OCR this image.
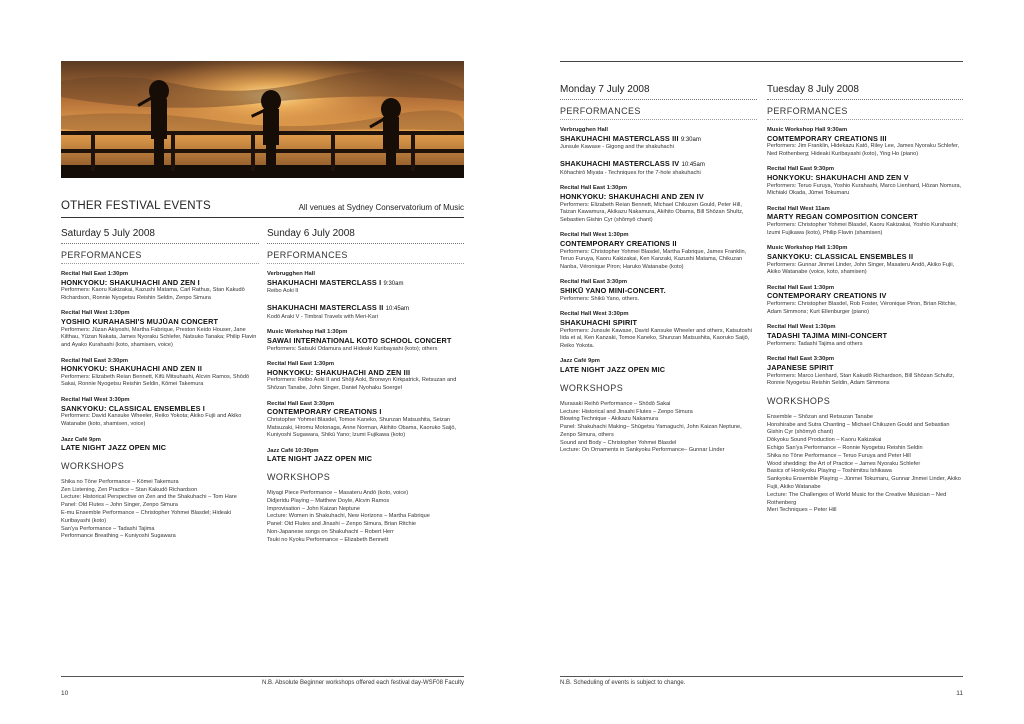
OTHER FESTIVAL EVENTS	All venues at Sydney Conservatorium of Music
Saturday 5 July 2008
PERFORMANCES
Recital Hall East 1:30pm
HONKYOKU: SHAKUHACHI AND ZEN I
Performers: Kaoru Kakizakai, Kazushi Matama, Carl Rathus, Stan Kakudō Richardson, Ronnie Nyogetsu Reishin Seldin, Zenpo Simura
Recital Hall West 1:30pm
YOSHIO KURAHASHI'S MUJŪAN CONCERT
Performers: Jūzan Akiyoshi, Martha Fabrique, Preston Keido Houser, Jane Kilthau, Yūzan Nakata, James Nyoraku Schlefer, Natsuko Tanaka; Philip Flavin and Ayako Kurahashi (koto, shamisen, voice)
Recital Hall East 3:30pm
HONKYOKU: SHAKUHACHI AND ZEN II
Performers: Elizabeth Reian Bennett, Kifū Mitsuhashi, Alcvin Ramos, Shōdō Sakai, Ronnie Nyogetsu Reishin Seldin, Kōmei Takemura
Recital Hall West 3:30pm
SANKYOKU: CLASSICAL ENSEMBLES I
Performers: David Kansuke Wheeler, Reiko Yokota; Akiko Fujii and Akiko Watanabe (koto, shamisen, voice)
Jazz Café 9pm
LATE NIGHT JAZZ OPEN MIC
WORKSHOPS
Shika no Tōne Performance – Kōmei Takemura
Zen Listening, Zen Practice – Stan Kakudō Richardson
Lecture: Historical Perspective on Zen and the Shakuhachi – Tom Hare
Panel: Old Flutes – John Singer, Zenpo Simura
E-mu Ensemble Performance – Christopher Yohmei Blasdel; Hideaki Kuribayashi (koto)
San'ya Performance – Tadashi Tajima
Performance Breathing – Kuniyoshi Sugawara
Sunday 6 July 2008
PERFORMANCES
Verbrugghen Hall
SHAKUHACHI MASTERCLASS I 9:30am
Reibo Aoki II
SHAKUHACHI MASTERCLASS II 10:45am
Kodō Araki V - Timbral Travels with Meri-Kari
Music Workshop Hall 1:30pm
SAWAI INTERNATIONAL KOTO SCHOOL CONCERT
Performers: Satsuki Odamura and Hideaki Kuribayashi (koto); others
Recital Hall East 1:30pm
HONKYOKU: SHAKUHACHI AND ZEN III
Performers: Reibo Aoki II and Shōji Aoki, Bronwyn Kirkpatrick, Retsuzan and Shōzan Tanabe, John Singer, Daniel Nyohaku Soergel
Recital Hall East 3:30pm
CONTEMPORARY CREATIONS I
Christopher Yohmei Blasdel, Tomoe Kaneko, Shunzan Matsushita, Seizan Matsuzaki, Hiromu Motonaga, Anne Norman, Akihito Obama, Kaoruko Saijō, Kuniyoshi Sugawara, Shikū Yano; Izumi Fujikawa (koto)
Jazz Café 10:30pm
LATE NIGHT JAZZ OPEN MIC
WORKSHOPS
Miyagi Piece Performance – Masateru Andō (koto, voice)
Didjeridu Playing – Matthew Doyle, Alcvin Ramos
Improvisation – John Kaizan Neptune
Lecture: Women in Shakuhachi, New Horizons – Martha Fabrique
Panel: Old Flutes and Jinashi – Zenpo Simura, Brian Ritchie
Non-Japanese songs on Shakuhachi – Robert Herr
Tsuki no Kyoku Performance – Elizabeth Bennett
N.B. Absolute Beginner workshops offered each festival day-WSF08 Faculty
10
Monday 7 July 2008
PERFORMANCES
Verbrugghen Hall
SHAKUHACHI MASTERCLASS III 9:30am
Junsule Kawase - Gigong and the shakuhachi
SHAKUHACHI MASTERCLASS IV 10:45am
Kōhachirō Miyata - Techniques for the 7-hole shakuhachi
Recital Hall East 1:30pm
HONKYOKU: SHAKUHACHI AND ZEN IV
Performers: Elizabeth Reian Bennett, Michael Chikuzen Gould, Peter Hill, Taizan Kawamura, Akikazu Nakamura, Akihito Obama, Bill Shōzan Shultz, Sebastien Gishin Cyr (shōmyō chant)
Recital Hall West 1:30pm
CONTEMPORARY CREATIONS II
Performers: Christopher Yohmei Blasdel, Martha Fabrique, James Franklin, Teruo Furuya, Kaoru Kakizakai, Ken Kanzaki, Kazushi Matama, Chikuzan Nanba, Véronique Piron; Haruko Watanabe (koto)
Recital Hall East 3:30pm
SHIKŪ YANO MINI-CONCERT.
Performers: Shikū Yano, others.
Recital Hall West 3:30pm
SHAKUHACHI SPIRIT
Performers: Junsule Kawase, David Kansuke Wheeler and others, Katsutoshi Iida et al, Ken Kanzaki, Tomoe Kaneko, Shunzan Matsushita, Kaoruko Saijō, Reiko Yokota.
Jazz Café 9pm
LATE NIGHT JAZZ OPEN MIC
WORKSHOPS
Murasaki Reihō Performance – Shōdō Sakai
Lecture: Historical and Jinashi Flutes – Zenpo Simura
Blowing Technique - Akikazu Nakamura
Panel: Shakuhachi Making– Shūgetsu Yamaguchi, John Kaizan Neptune, Zenpo Simura, others
Sound and Body – Christopher Yohmei Blasdel
Lecture: On Ornaments in Sankyoku Performance– Gunnar Linder
Tuesday 8 July 2008
PERFORMANCES
Music Workshop Hall 9:30am
COMTEMPORARY CREATIONS III
Performers: Jim Franklin, Hidekazu Katō, Riley Lee, James Nyoraku Schlefer, Ned Rothenberg; Hideaki Kuribayashi (koto), Ying Ho (piano)
Recital Hall East 9:30pm
HONKYOKU: SHAKUHACHI AND ZEN V
Performers: Teruo Furuya, Yoshio Kurahashi, Marco Lienhard, Hōzan Nomura, Michiaki Okada, Jūmei Tokumaru
Recital Hall West 11am
MARTY REGAN COMPOSITION CONCERT
Performers: Christopher Yohmei Blasdel, Kaoru Kakizakai, Yoshio Kurahashi; Izumi Fujikawa (koto), Philip Flavin (shamisen)
Music Workshop Hall 1:30pm
SANKYOKU: CLASSICAL ENSEMBLES II
Performers: Gunnar Jinmei Linder, John Singer, Masateru Andō, Akiko Fujii, Akiko Watanabe (voice, koto, shamisen)
Recital Hall East 1:30pm
CONTEMPORARY CREATIONS IV
Performers: Christopher Blasdel, Rob Foster, Véronique Piron, Brian Ritchie, Adam Simmons; Kurt Ellenburger (piano)
Recital Hall West 1:30pm
TADASHI TAJIMA MINI-CONCERT
Performers: Tadashi Tajima and others
Recital Hall East 3:30pm
JAPANESE SPIRIT
Performers: Marco Lienhard, Stan Kakudō Richardson, Bill Shōzan Schultz, Ronnie Nyogetsu Reishin Seldin, Adam Simmons
WORKSHOPS
Ensemble – Shōzan and Retsuzan Tanabe
Honshirabe and Sutra Chanting – Michael Chikuzen Gould and Sebastian Gishin Cyr (shōmyō chant)
Dōkyoku Sound Production – Kaoru Kakizakai
Echigo San'ya Performance – Ronnie Nyogetsu Reishin Seldin
Shika no Tōne Performance – Teruo Furuya and Peter Hill
Wood shedding: the Art of Practice – James Nyoraku Schlefer
Basics of Honkyoku Playing – Toshimitsu Ishikawa
Sankyoku Ensemble Playing – Jūnmei Tokumaru, Gunnar Jinmei Linder, Akiko Fujii, Akiko Watanabe
Lecture: The Challenges of World Music for the Creative Musician – Ned Rothenberg
Meri Techniques – Peter Hill
N.B. Scheduling of events is subject to change.
11
